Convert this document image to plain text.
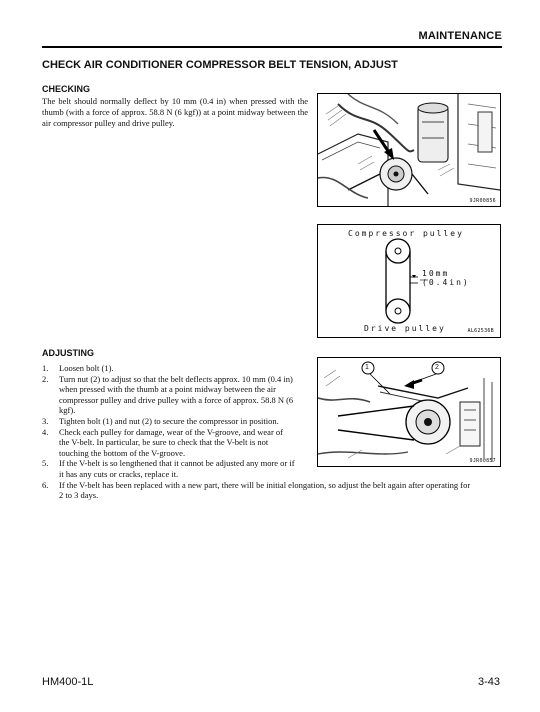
MAINTENANCE
CHECK AIR CONDITIONER COMPRESSOR BELT TENSION, ADJUST
CHECKING
The belt should normally deflect by 10 mm (0.4 in) when pressed with the thumb (with a force of approx. 58.8 N (6 kgf)) at a point midway between the air compressor pulley and drive pulley.
9JR00856
Compressor pulley
10mm
(0.4in)
Drive pulley	AL62536B
ADJUSTING
1. Loosen bolt (1).
2. Turn nut (2) to adjust so that the belt deflects approx. 10 mm (0.4 in)
when pressed with the thumb at a point midway between the air
compressor pulley and drive pulley with a force of approx. 58.8 N (6
kgf).
3. Tighten bolt (1) and nut (2) to secure the compressor in position.
4. Check each pulley for damage, wear of the V-groove, and wear of
the V-belt. In particular, be sure to check that the V-belt is not
touching the bottom of the V-groove.
5. If the V-belt is so lengthened that it cannot be adjusted any more or if
it has any cuts or cracks, replace it.
6. If the V-belt has been replaced with a new part, there will be initial elongation, so adjust the belt again after operating for
2 to 3 days.
1	2
9JR00857
HM400-1L	3-43
